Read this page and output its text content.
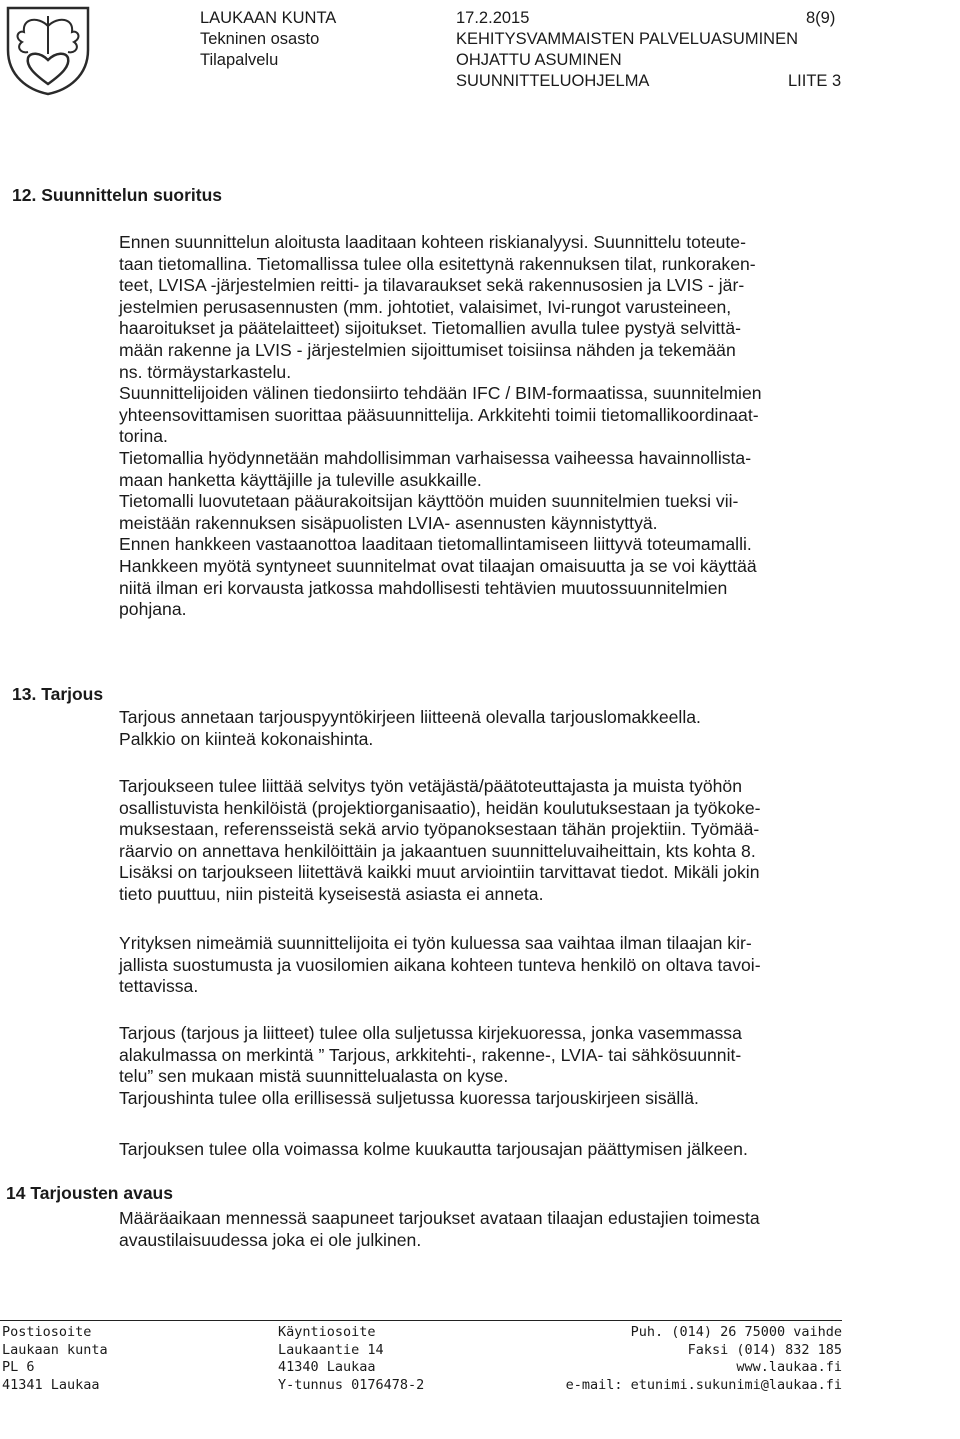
LAUKAAN KUNTA
Tekninen osasto
Tilapalvelu
17.2.2015	8(9)
KEHITYSVAMMAISTEN PALVELUASUMINEN
OHJATTU ASUMINEN
SUUNNITTELUOHJELMA	LIITE 3
12. Suunnittelun suoritus
Ennen suunnittelun aloitusta laaditaan kohteen riskianalyysi. Suunnittelu toteute-
taan tietomallina. Tietomallissa tulee olla esitettynä rakennuksen tilat, runkoraken-
teet, LVISA -järjestelmien reitti- ja tilavaraukset sekä rakennusosien ja LVIS - jär-
jestelmien perusasennusten (mm. johtotiet, valaisimet, Ivi-rungot varusteineen,
haaroitukset ja päätelaitteet) sijoitukset. Tietomallien avulla tulee pystyä selvittä-
mään rakenne ja LVIS - järjestelmien sijoittumiset toisiinsa nähden ja tekemään
ns. törmäystarkastelu.
Suunnittelijoiden välinen tiedonsiirto tehdään IFC / BIM-formaatissa, suunnitelmien
yhteensovittamisen suorittaa pääsuunnittelija. Arkkitehti toimii tietomallikoordinaat-
torina.
Tietomallia hyödynnetään mahdollisimman varhaisessa vaiheessa havainnollista-
maan hanketta käyttäjille ja tuleville asukkaille.
Tietomalli luovutetaan pääurakoitsijan käyttöön muiden suunnitelmien tueksi vii-
meistään rakennuksen sisäpuolisten LVIA- asennusten käynnistyttyä.
Ennen hankkeen vastaanottoa laaditaan tietomallintamiseen liittyvä toteumamalli.
Hankkeen myötä syntyneet suunnitelmat ovat tilaajan omaisuutta ja se voi käyttää
niitä ilman eri korvausta jatkossa mahdollisesti tehtävien muutossuunnitelmien
pohjana.
13. Tarjous
Tarjous annetaan tarjouspyyntökirjeen liitteenä olevalla tarjouslomakkeella.
Palkkio on kiinteä kokonaishinta.
Tarjoukseen tulee liittää selvitys työn vetäjästä/päätoteuttajasta ja muista työhön
osallistuvista henkilöistä (projektiorganisaatio), heidän koulutuksestaan ja työkoke-
muksestaan, referensseistä sekä arvio työpanoksestaan tähän projektiin. Työmää-
räarvio on annettava henkilöittäin ja jakaantuen suunnitteluvaiheittain, kts kohta 8.
Lisäksi on tarjoukseen liitettävä kaikki muut arviointiin tarvittavat tiedot. Mikäli jokin
tieto puuttuu, niin pisteitä kyseisestä asiasta ei anneta.
Yrityksen nimeämiä suunnittelijoita ei työn kuluessa saa vaihtaa ilman tilaajan kir-
jallista suostumusta ja vuosilomien aikana kohteen tunteva henkilö on oltava tavoi-
tettavissa.
Tarjous (tarjous ja liitteet) tulee olla suljetussa kirjekuoressa, jonka vasemmassa
alakulmassa on merkintä ” Tarjous, arkkitehti-, rakenne-, LVIA- tai sähkösuunnit-
telu” sen mukaan mistä suunnittelualasta on kyse.
Tarjoushinta tulee olla erillisessä suljetussa kuoressa tarjouskirjeen sisällä.
Tarjouksen tulee olla voimassa kolme kuukautta tarjousajan päättymisen jälkeen.
14 Tarjousten avaus
Määräaikaan mennessä saapuneet tarjoukset avataan tilaajan edustajien toimesta
avaustilaisuudessa joka ei ole julkinen.
Postiosoite
Laukaan kunta
PL 6
41341 Laukaa
Käyntiosoite
Laukaantie 14
41340 Laukaa
Y-tunnus 0176478-2
Puh. (014) 26 75000 vaihde
Faksi (014) 832 185
www.laukaa.fi
e-mail: etunimi.sukunimi@laukaa.fi
